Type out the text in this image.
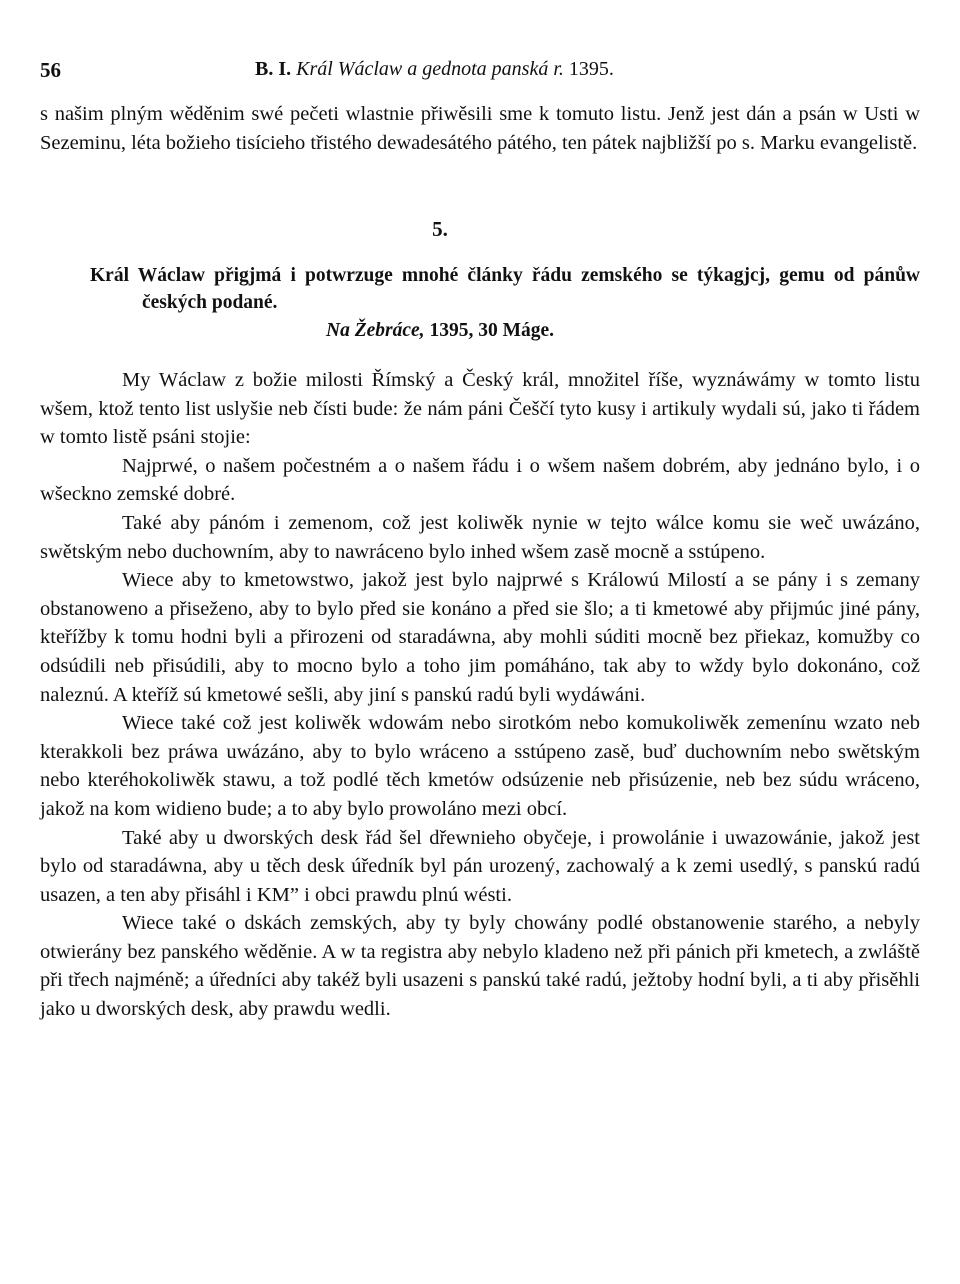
56	B. I. Král Wáclaw a gednota panská r. 1395.

s našim plným wěděnim swé pečeti wlastnie přiwěsili sme k tomuto listu. Jenž jest dán a psán w Usti w Sezeminu, léta božieho tisícieho třistého dewadesátého pátého, ten pátek najbližší po s. Marku evangelistě.

5.
Král Wáclaw přigjmá i potwrzuge mnohé články řádu zemského se týkagjcj, gemu od pánůw českých podané.
Na Žebráce, 1395, 30 Máge.

My Wáclaw z božie milosti Římský a Český král, množitel říše, wyznáwámy w tomto listu wšem, ktož tento list uslyšie neb čísti bude: že nám páni Češčí tyto kusy i artikuly wydali sú, jako ti řádem w tomto listě psáni stojie:

Najprwé, o našem počestném a o našem řádu i o wšem našem dobrém, aby jednáno bylo, i o wšeckno zemské dobré.

Také aby pánóm i zemenom, což jest koliwěk nynie w tejto wálce komu sie weč uwázáno, swětským nebo duchowním, aby to nawráceno bylo inhed wšem zasě mocně a sstúpeno.

Wiece aby to kmetowstwo, jakož jest bylo najprwé s Králowú Milostí a se pány i s zemany obstanoweno a přiseženo, aby to bylo před sie konáno a před sie šlo; a ti kmetowé aby přijmúc jiné pány, kteřížby k tomu hodni byli a přirozeni od staradáwna, aby mohli súditi mocně bez přiekaz, komužby co odsúdili neb přisúdili, aby to mocno bylo a toho jim pomáháno, tak aby to wždy bylo dokonáno, což naleznú. A kteříž sú kmetowé sešli, aby jiní s panskú radú byli wydáwáni.

Wiece také což jest koliwěk wdowám nebo sirotkóm nebo komukoliwěk zemenínu wzato neb kterakkoli bez práwa uwázáno, aby to bylo wráceno a sstúpeno zasě, buď duchowním nebo swětským nebo kteréhokoliwěk stawu, a tož podlé těch kmetów odsúzenie neb přisúzenie, neb bez súdu wráceno, jakož na kom widieno bude; a to aby bylo prowoláno mezi obcí.

Také aby u dworských desk řád šel dřewnieho obyčeje, i prowolánie i uwazowánie, jakož jest bylo od staradáwna, aby u těch desk úředník byl pán urozený, zachowalý a k zemi usedlý, s panskú radú usazen, a ten aby přisáhl i KM” i obci prawdu plnú wésti.

Wiece také o dskách zemských, aby ty byly chowány podlé obstanowenie starého, a nebyly otwierány bez panského wěděnie. A w ta registra aby nebylo kladeno než při pánich při kmetech, a zwláště při třech najméně; a úředníci aby takéž byli usazeni s panskú také radú, ježtoby hodní byli, a ti aby přisěhli jako u dworských desk, aby prawdu wedli.
